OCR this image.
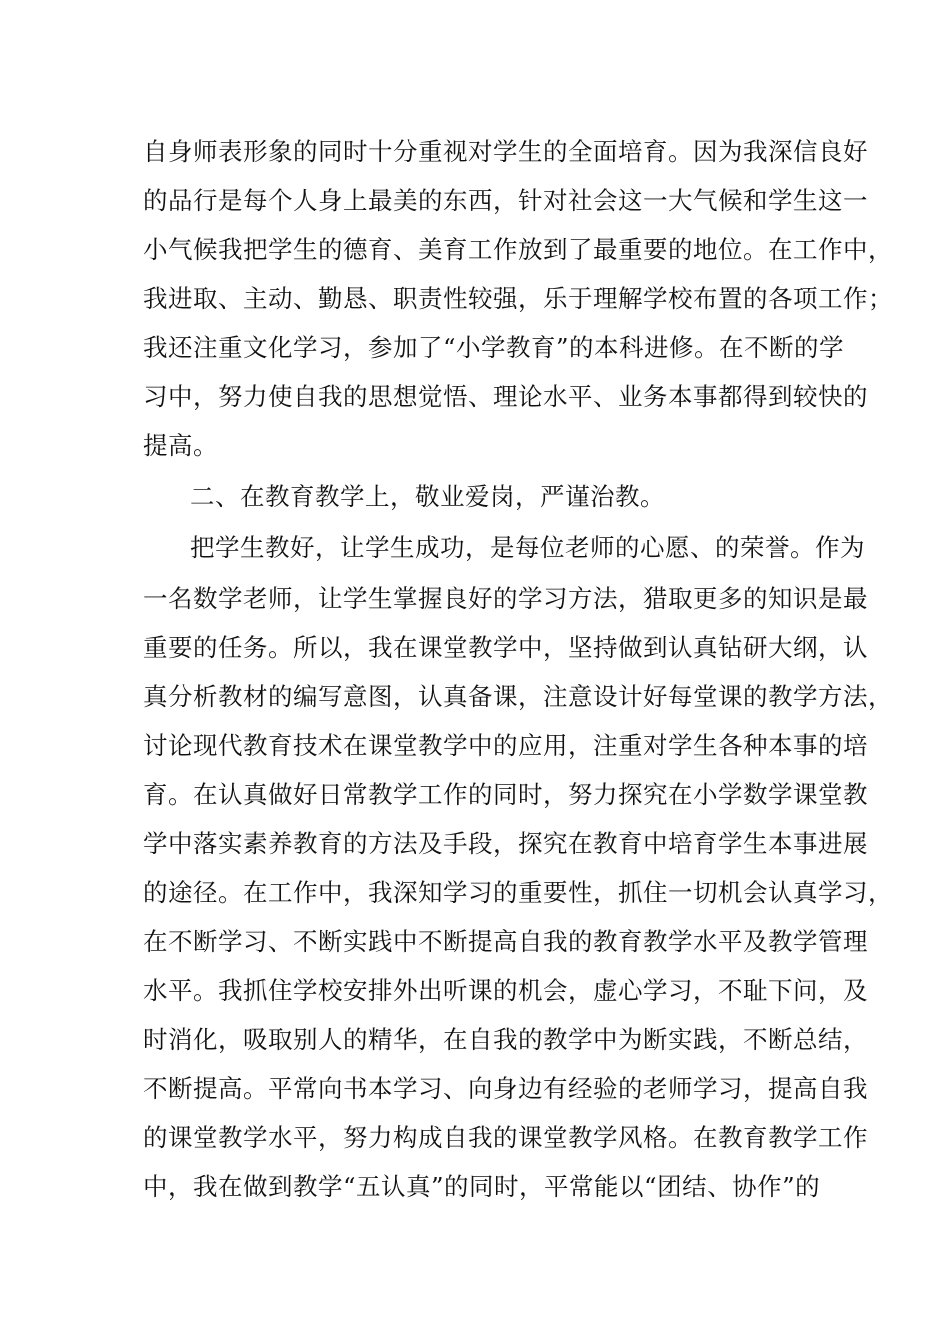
自身师表形象的同时十分重视对学生的全面培育。因为我深信良好
的品行是每个人身上最美的东西，针对社会这一大气候和学生这一
小气候我把学生的德育、美育工作放到了最重要的地位。在工作中，
我进取、主动、勤恳、职责性较强，乐于理解学校布置的各项工作；
我还注重文化学习，参加了“小学教育”的本科进修。在不断的学
习中，努力使自我的思想觉悟、理论水平、业务本事都得到较快的
提高。
二、在教育教学上，敬业爱岗，严谨治教。
把学生教好，让学生成功，是每位老师的心愿、的荣誉。作为
一名数学老师，让学生掌握良好的学习方法，猎取更多的知识是最
重要的任务。所以，我在课堂教学中，坚持做到认真钻研大纲，认
真分析教材的编写意图，认真备课，注意设计好每堂课的教学方法，
讨论现代教育技术在课堂教学中的应用，注重对学生各种本事的培
育。在认真做好日常教学工作的同时，努力探究在小学数学课堂教
学中落实素养教育的方法及手段，探究在教育中培育学生本事进展
的途径。在工作中，我深知学习的重要性，抓住一切机会认真学习，
在不断学习、不断实践中不断提高自我的教育教学水平及教学管理
水平。我抓住学校安排外出听课的机会，虚心学习，不耻下问，及
时消化，吸取别人的精华，在自我的教学中为断实践，不断总结，
不断提高。平常向书本学习、向身边有经验的老师学习，提高自我
的课堂教学水平，努力构成自我的课堂教学风格。在教育教学工作
中，我在做到教学“五认真”的同时，平常能以“团结、协作”的
